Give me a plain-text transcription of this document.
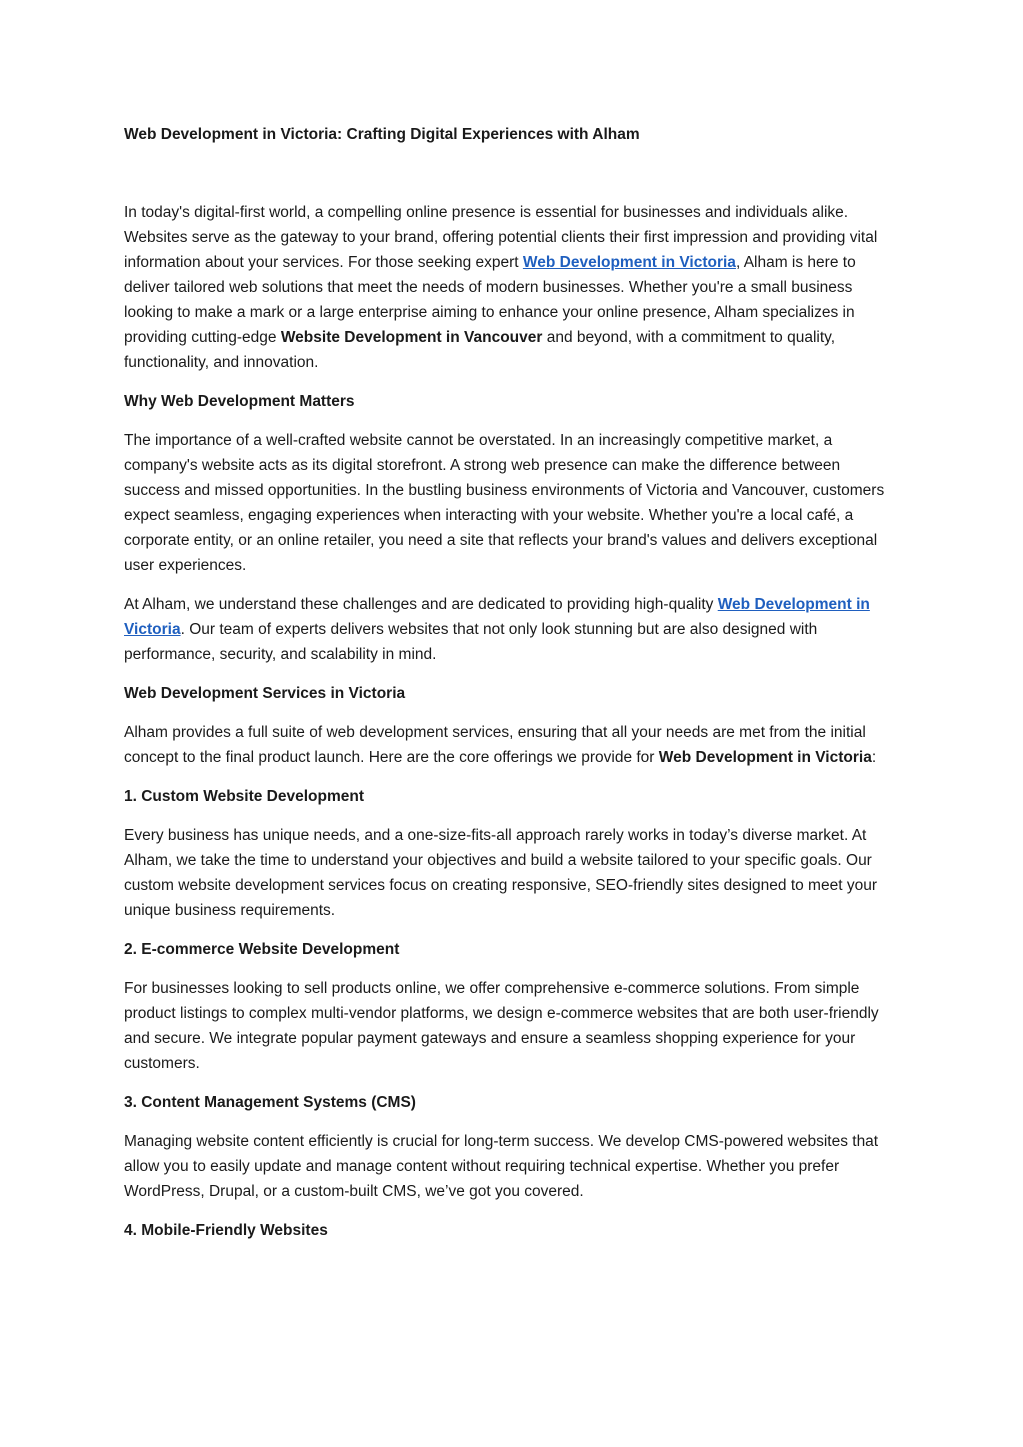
Web Development in Victoria: Crafting Digital Experiences with Alham

In today's digital-first world, a compelling online presence is essential for businesses and individuals alike. Websites serve as the gateway to your brand, offering potential clients their first impression and providing vital information about your services. For those seeking expert Web Development in Victoria, Alham is here to deliver tailored web solutions that meet the needs of modern businesses. Whether you're a small business looking to make a mark or a large enterprise aiming to enhance your online presence, Alham specializes in providing cutting-edge Website Development in Vancouver and beyond, with a commitment to quality, functionality, and innovation.

Why Web Development Matters

The importance of a well-crafted website cannot be overstated. In an increasingly competitive market, a company's website acts as its digital storefront. A strong web presence can make the difference between success and missed opportunities. In the bustling business environments of Victoria and Vancouver, customers expect seamless, engaging experiences when interacting with your website. Whether you're a local café, a corporate entity, or an online retailer, you need a site that reflects your brand's values and delivers exceptional user experiences.

At Alham, we understand these challenges and are dedicated to providing high-quality Web Development in Victoria. Our team of experts delivers websites that not only look stunning but are also designed with performance, security, and scalability in mind.

Web Development Services in Victoria

Alham provides a full suite of web development services, ensuring that all your needs are met from the initial concept to the final product launch. Here are the core offerings we provide for Web Development in Victoria:

1. Custom Website Development

Every business has unique needs, and a one-size-fits-all approach rarely works in today’s diverse market. At Alham, we take the time to understand your objectives and build a website tailored to your specific goals. Our custom website development services focus on creating responsive, SEO-friendly sites designed to meet your unique business requirements.

2. E-commerce Website Development

For businesses looking to sell products online, we offer comprehensive e-commerce solutions. From simple product listings to complex multi-vendor platforms, we design e-commerce websites that are both user-friendly and secure. We integrate popular payment gateways and ensure a seamless shopping experience for your customers.

3. Content Management Systems (CMS)

Managing website content efficiently is crucial for long-term success. We develop CMS-powered websites that allow you to easily update and manage content without requiring technical expertise. Whether you prefer WordPress, Drupal, or a custom-built CMS, we’ve got you covered.

4. Mobile-Friendly Websites
